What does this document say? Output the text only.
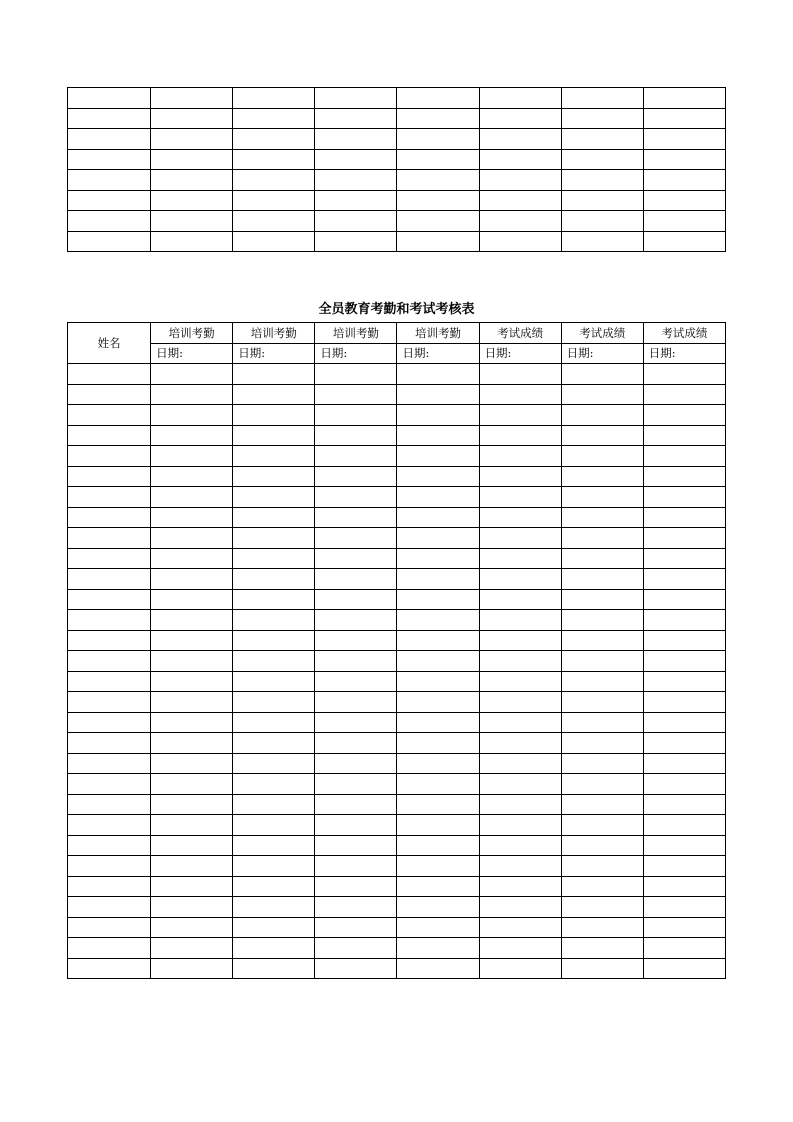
全员教育考勤和考试考核表
姓名	培训考勤	培训考勤	培训考勤	培训考勤	考试成绩	考试成绩	考试成绩
	日期:	日期:	日期:	日期:	日期:	日期:	日期:
